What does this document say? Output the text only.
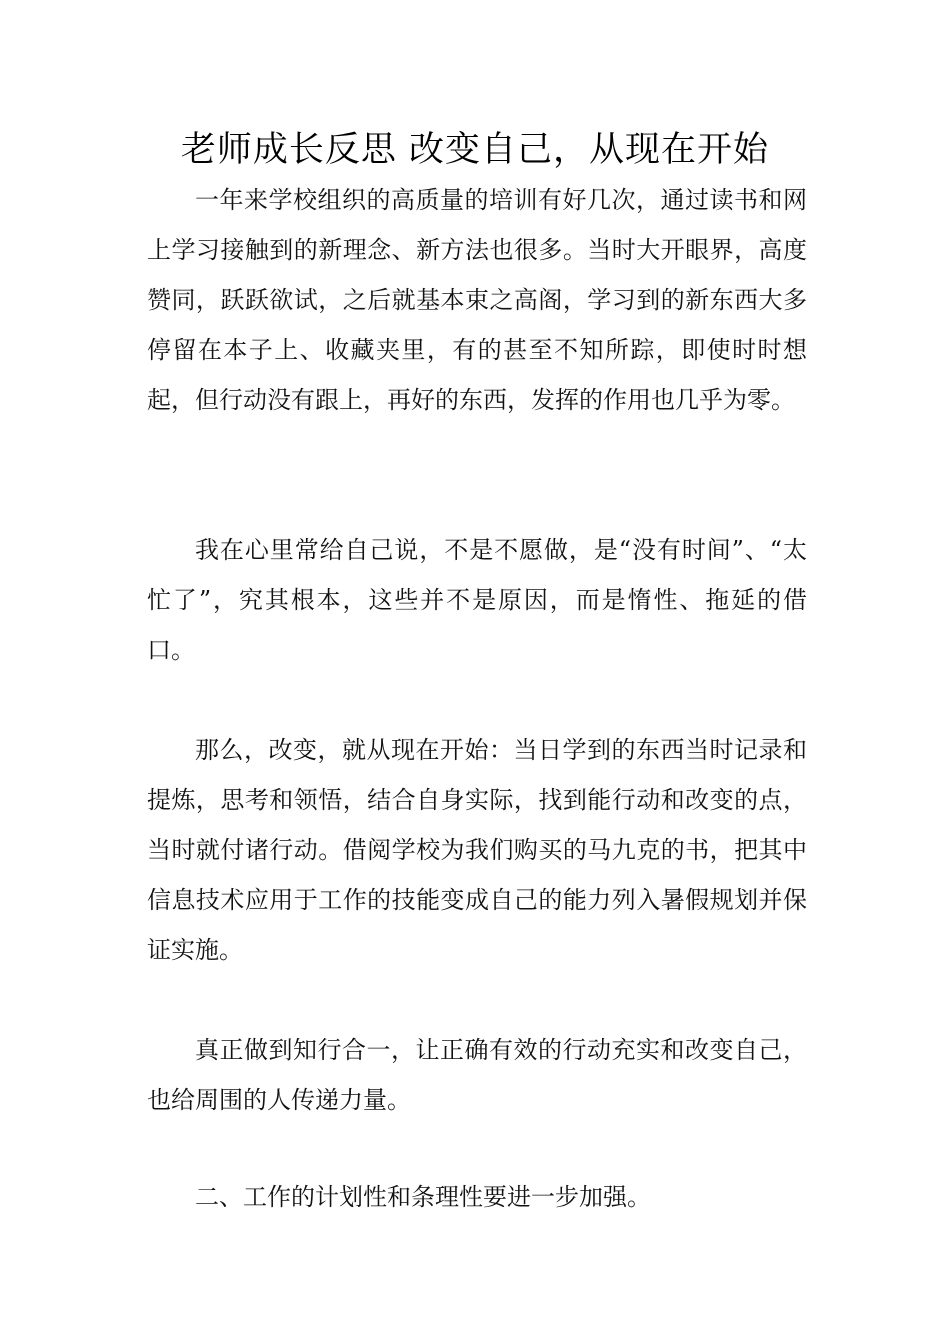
老师成长反思 改变自己，从现在开始

一年来学校组织的高质量的培训有好几次，通过读书和网上学习接触到的新理念、新方法也很多。当时大开眼界，高度赞同，跃跃欲试，之后就基本束之高阁，学习到的新东西大多停留在本子上、收藏夹里，有的甚至不知所踪，即使时时想起，但行动没有跟上，再好的东西，发挥的作用也几乎为零。

我在心里常给自己说，不是不愿做，是“没有时间”、“太忙了”，究其根本，这些并不是原因，而是惰性、拖延的借口。

那么，改变，就从现在开始：当日学到的东西当时记录和提炼，思考和领悟，结合自身实际，找到能行动和改变的点，当时就付诸行动。借阅学校为我们购买的马九克的书，把其中信息技术应用于工作的技能变成自己的能力列入暑假规划并保证实施。

真正做到知行合一，让正确有效的行动充实和改变自己，也给周围的人传递力量。

二、工作的计划性和条理性要进一步加强。
